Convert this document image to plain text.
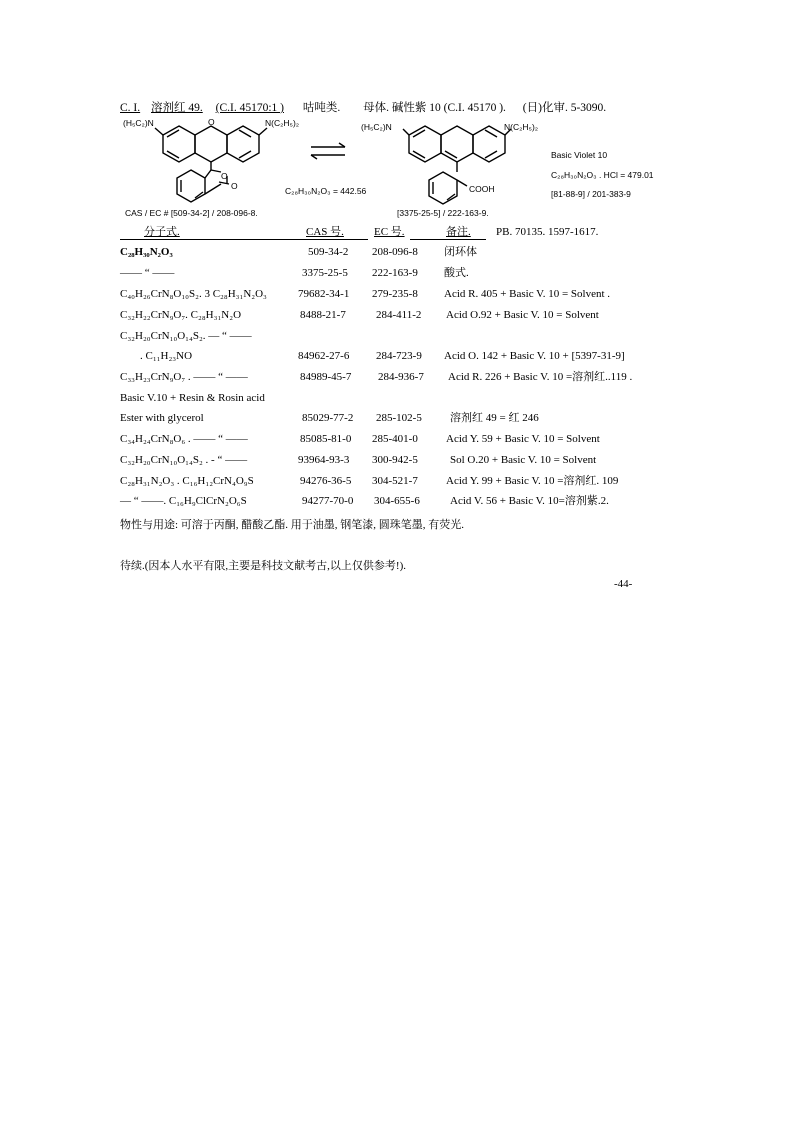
C. I. 溶剂红 49. (C.I. 45170:1 ) 咕吨类. 母体. 碱性紫 10 (C.I. 45170 ). (日)化审. 5-3090.
(H₅C₂)N	N(C₂H₅)₂
O
O
O	C₂₈H₃₀N₂O₃ = 442.56
(H₅C₂)N	N(C₂H₅)₂
COOH
Basic Violet 10
C₂₈H₃₀N₂O₃ . HCl = 479.01
[81-88-9] / 201-383-9
CAS / EC # [509-34-2] / 208-096-8.	[3375-25-5] / 222-163-9.
分子式.	CAS 号.	EC 号.	备注. PB. 70135. 1597-1617.
C₂₈H₃₀N₂O₃	509-34-2 208-096-8 闭环体
—— “ ——	3375-25-5 222-163-9 酸式.
C₄₀H₂₆CrN₈O₁₀S₂. 3 C₂₈H₃₁N₂O₃	79682-34-1 279-235-8 Acid R. 405 + Basic V. 10 = Solvent .
C₃₂H₂₂CrN₉O₇. C₂₈H₃₁N₂O	8488-21-7	284-411-2 Acid O.92 + Basic V. 10 = Solvent
C₃₂H₂₀CrN₁₀O₁₄S₂. — “ ——
. C₁₁H₂₃NO	84962-27-6 284-723-9 Acid O. 142 + Basic V. 10 + [5397-31-9]
C₃₃H₂₃CrN₉O₇ . —— “ ——	84989-45-7 284-936-7 Acid R. 226 + Basic V. 10 =溶剂红..119 .
Basic V.10 + Resin & Rosin acid
Ester with glycerol	85029-77-2 285-102-5	溶剂红 49 = 红 246
C₃₄H₂₄CrN₈O₆ . —— “ ——	85085-81-0 285-401-0	Acid Y. 59 + Basic V. 10 = Solvent
C₃₂H₂₀CrN₁₀O₁₄S₂ . - “ ——	93964-93-3 300-942-5	Sol O.20 + Basic V. 10 = Solvent
C₂₈H₃₁N₂O₃ . C₁₆H₁₂CrN₄O₉S	94276-36-5 304-521-7	Acid Y. 99 + Basic V. 10 =溶剂红. 109
— “ ——. C₁₆H₉ClCrN₂O₆S	94277-70-0 304-655-6	Acid V. 56 + Basic V. 10=溶剂紫.2.
物性与用途: 可溶于丙酮, 醋酸乙酯. 用于油墨, 钢笔漆, 圆珠笔墨, 有荧光.
待续.(因本人水平有限,主要是科技文献考古,以上仅供参考!).
-44-
